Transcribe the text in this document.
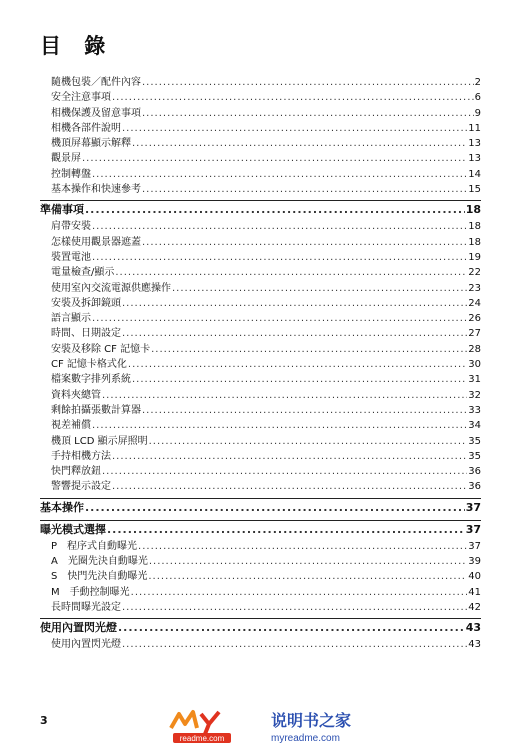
目 錄
隨機包裝／配件內容 .....	2
安全注意事項 .....	6
相機保護及留意事項 .....	9
相機各部件說明 .....	11
機頂屏幕顯示解釋 .....	13
觀景屏 .....	13
控制轉盤 .....	14
基本操作和快速參考 .....	15
準備事項 .....	18
肩帶安裝 .....	18
怎樣使用觀景器遮蓋 .....	18
裝置電池 .....	19
電量檢查/顯示 .....	22
使用室內交流電源供應操作 .....	23
安裝及拆卸鏡頭 .....	24
語言顯示 .....	26
時間、日期設定 .....	27
安裝及移除 CF 記憶卡 .....	28
CF 記憶卡格式化 .....	30
檔案數字排列系統 .....	31
資料夾總管 .....	32
剩餘拍攝張數計算器 .....	33
視差補償 .....	34
機頂 LCD 顯示屏照明 .....	35
手持相機方法 .....	35
快門釋放鈕 .....	36
警響提示設定 .....	36
基本操作 .....	37
曝光模式選擇 .....	37
P　程序式自動曝光 .....	37
A　光圈先決自動曝光 .....	39
S　快門先決自動曝光 .....	40
M　手動控制曝光 .....	41
長時間曝光設定 .....	42
使用內置閃光燈 .....	43
使用內置閃光燈 .....	43
3
readme.com
说明书之家
myreadme.com
